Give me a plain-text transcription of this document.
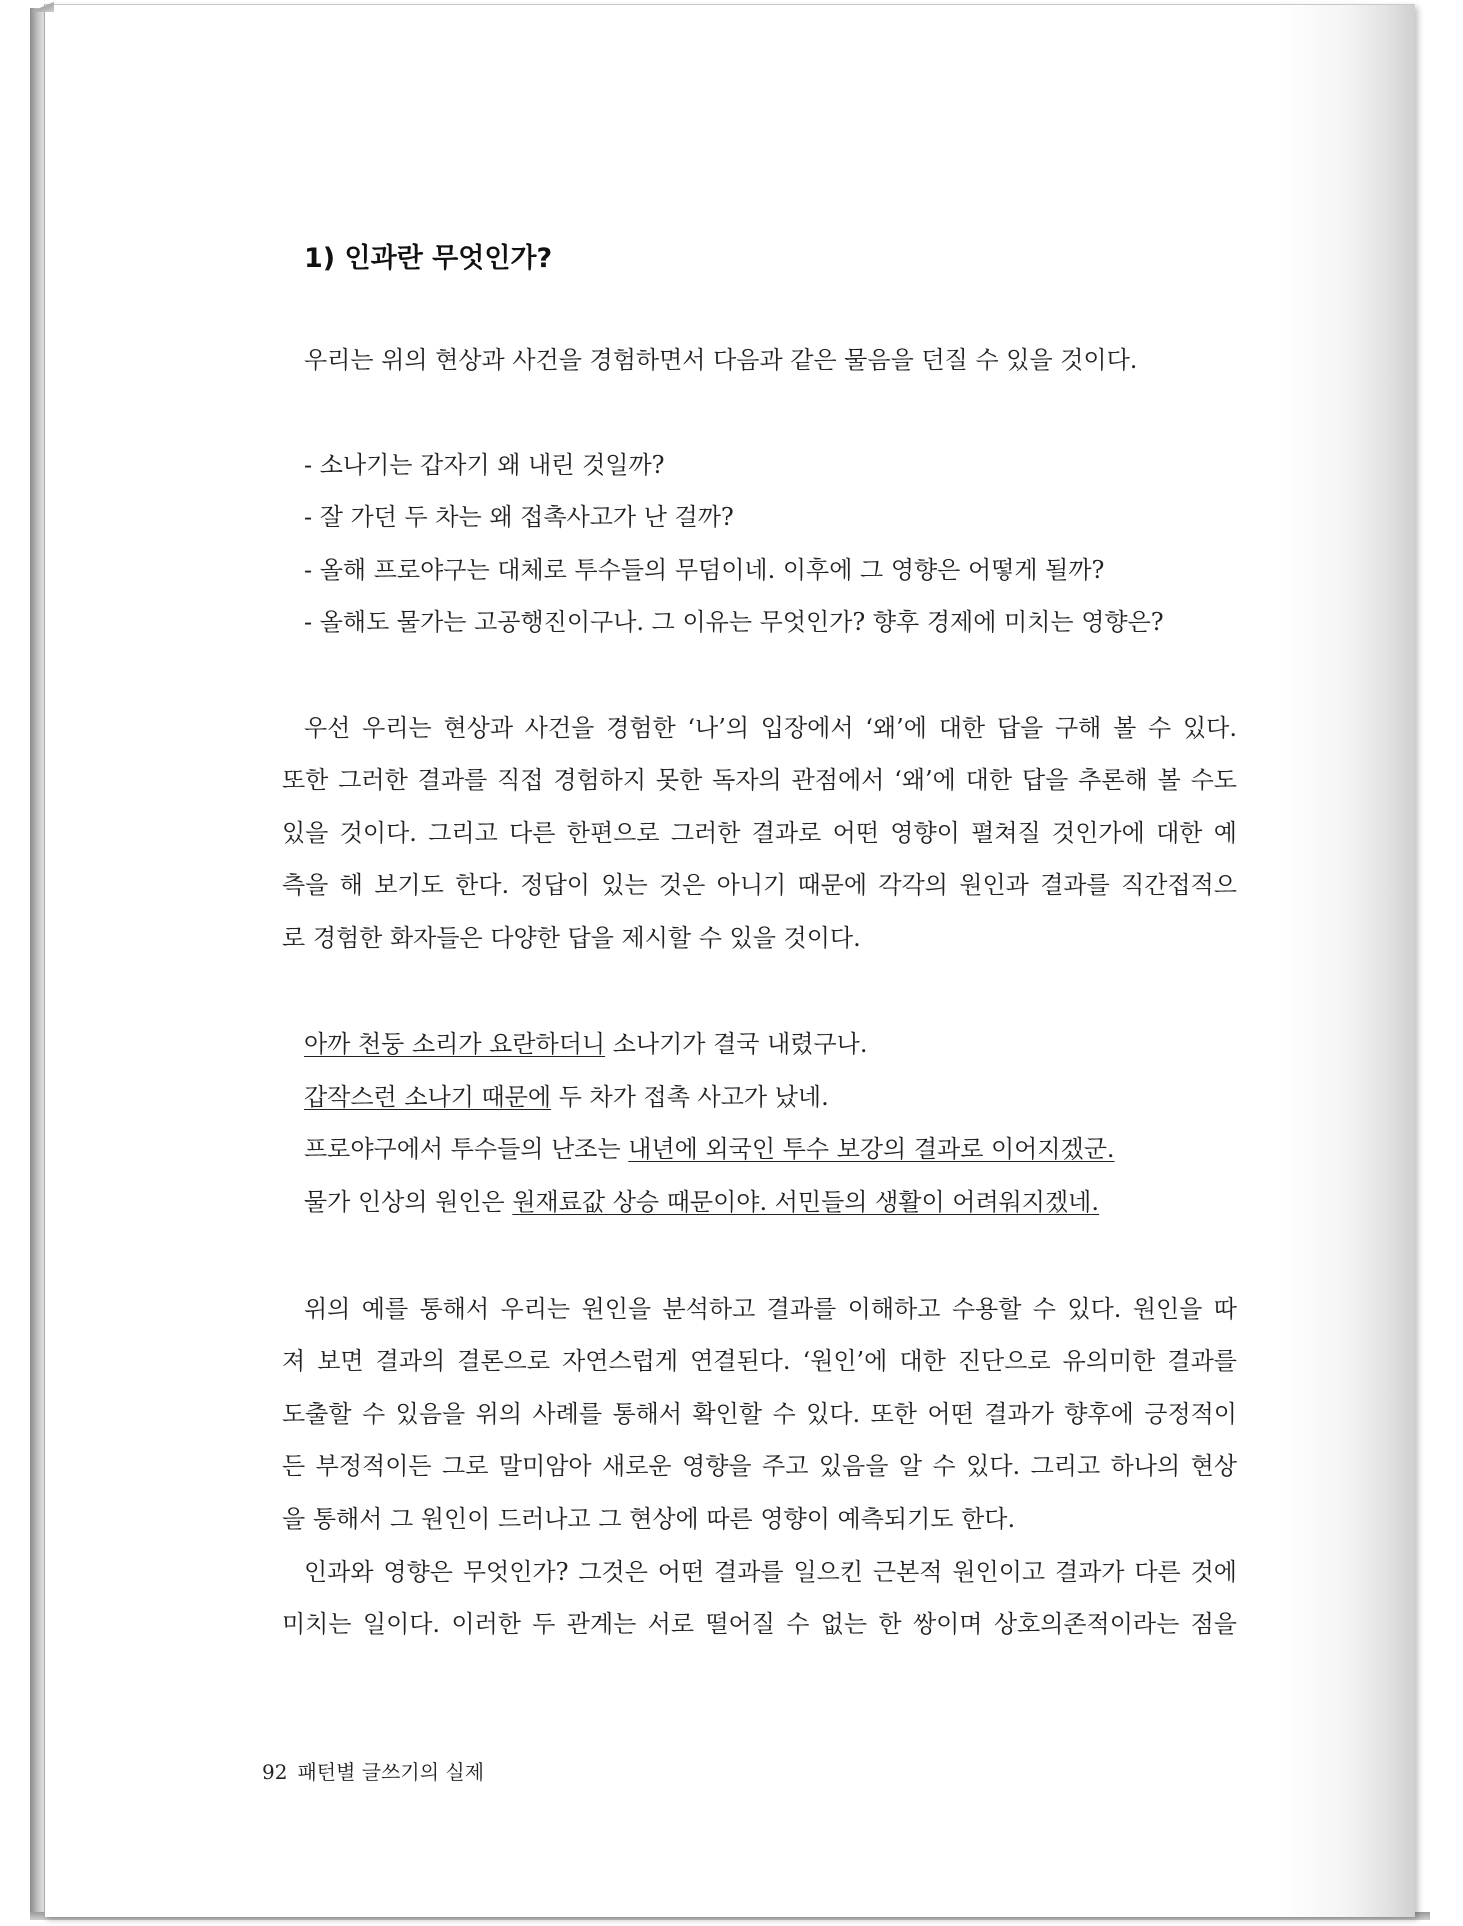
1) 인과란 무엇인가?
우리는 위의 현상과 사건을 경험하면서 다음과 같은 물음을 던질 수 있을 것이다.
- 소나기는 갑자기 왜 내린 것일까?
- 잘 가던 두 차는 왜 접촉사고가 난 걸까?
- 올해 프로야구는 대체로 투수들의 무덤이네. 이후에 그 영향은 어떻게 될까?
- 올해도 물가는 고공행진이구나. 그 이유는 무엇인가? 향후 경제에 미치는 영향은?
우선 우리는 현상과 사건을 경험한 ‘나’의 입장에서 ‘왜’에 대한 답을 구해 볼 수 있다.
또한 그러한 결과를 직접 경험하지 못한 독자의 관점에서 ‘왜’에 대한 답을 추론해 볼 수도
있을 것이다. 그리고 다른 한편으로 그러한 결과로 어떤 영향이 펼쳐질 것인가에 대한 예
측을 해 보기도 한다. 정답이 있는 것은 아니기 때문에 각각의 원인과 결과를 직간접적으
로 경험한 화자들은 다양한 답을 제시할 수 있을 것이다.
아까 천둥 소리가 요란하더니 소나기가 결국 내렸구나.
갑작스런 소나기 때문에 두 차가 접촉 사고가 났네.
프로야구에서 투수들의 난조는 내년에 외국인 투수 보강의 결과로 이어지겠군.
물가 인상의 원인은 원재료값 상승 때문이야. 서민들의 생활이 어려워지겠네.
위의 예를 통해서 우리는 원인을 분석하고 결과를 이해하고 수용할 수 있다. 원인을 따
져 보면 결과의 결론으로 자연스럽게 연결된다. ‘원인’에 대한 진단으로 유의미한 결과를
도출할 수 있음을 위의 사례를 통해서 확인할 수 있다. 또한 어떤 결과가 향후에 긍정적이
든 부정적이든 그로 말미암아 새로운 영향을 주고 있음을 알 수 있다. 그리고 하나의 현상
을 통해서 그 원인이 드러나고 그 현상에 따른 영향이 예측되기도 한다.
인과와 영향은 무엇인가? 그것은 어떤 결과를 일으킨 근본적 원인이고 결과가 다른 것에
미치는 일이다. 이러한 두 관계는 서로 떨어질 수 없는 한 쌍이며 상호의존적이라는 점을
92 패턴별 글쓰기의 실제
